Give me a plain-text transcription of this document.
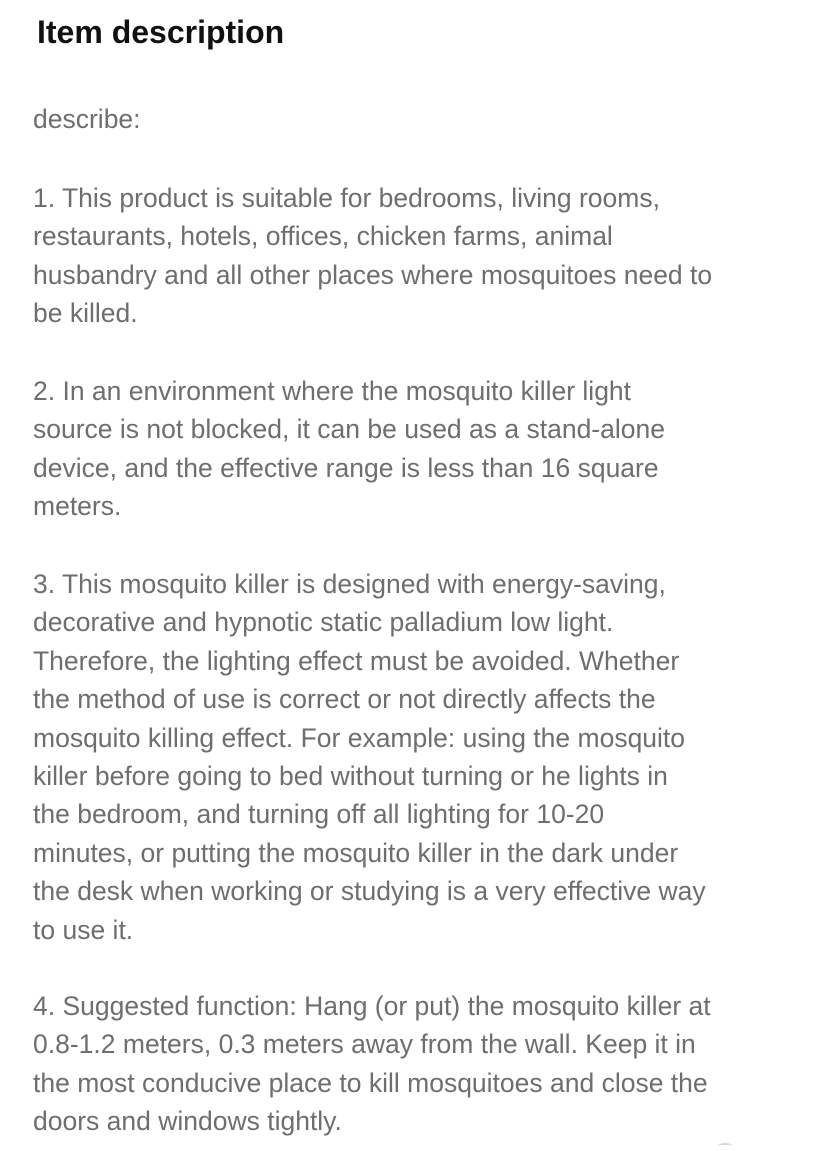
Item description

describe:

1. This product is suitable for bedrooms, living rooms,
restaurants, hotels, offices, chicken farms, animal
husbandry and all other places where mosquitoes need to
be killed.
2. In an environment where the mosquito killer light
source is not blocked, it can be used as a stand-alone
device, and the effective range is less than 16 square
meters.
3. This mosquito killer is designed with energy-saving,
decorative and hypnotic static palladium low light.
Therefore, the lighting effect must be avoided. Whether
the method of use is correct or not directly affects the
mosquito killing effect. For example: using the mosquito
killer before going to bed without turning or he lights in
the bedroom, and turning off all lighting for 10-20
minutes, or putting the mosquito killer in the dark under
the desk when working or studying is a very effective way
to use it.
4. Suggested function: Hang (or put) the mosquito killer at
0.8-1.2 meters, 0.3 meters away from the wall. Keep it in
the most conducive place to kill mosquitoes and close the
doors and windows tightly.
